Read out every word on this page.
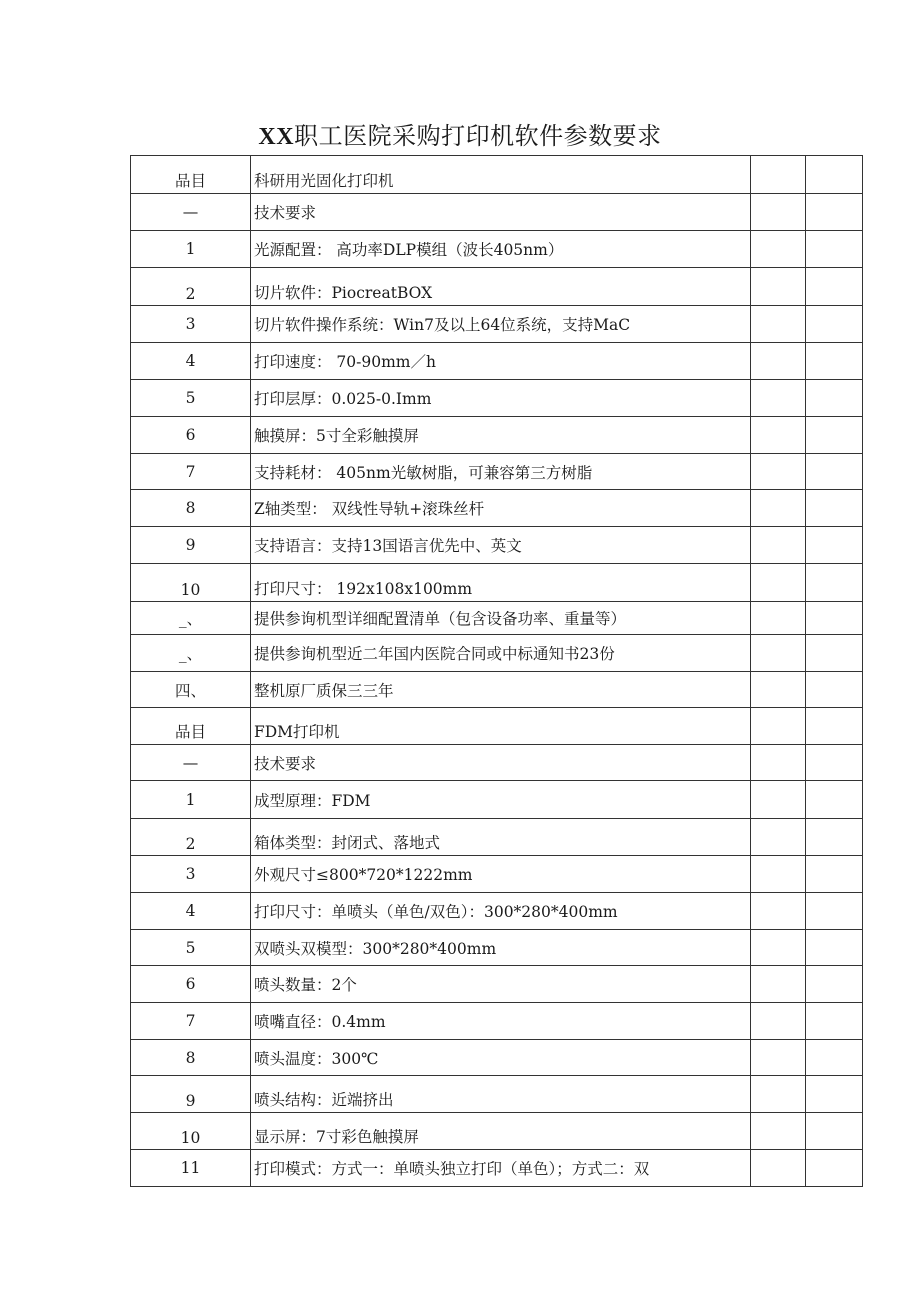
XX职工医院采购打印机软件参数要求
品目	科研用光固化打印机		
—	技术要求		
1	光源配置： 高功率DLP模组（波长405nm）		
2	切片软件：PiocreatBOX		
3	切片软件操作系统：Win7及以上64位系统，支持MaC		
4	打印速度： 70-90mm／h		
5	打印层厚：0.025-0.Imm		
6	触摸屏：5寸全彩触摸屏		
7	支持耗材： 405nm光敏树脂，可兼容第三方树脂		
8	Z轴类型： 双线性导轨+滚珠丝杆		
9	支持语言：支持13国语言优先中、英文		
10	打印尺寸： 192x108x100mm		
_、	提供参询机型详细配置清单（包含设备功率、重量等）		
_、	提供参询机型近二年国内医院合同或中标通知书23份		
四、	整机原厂质保三三年		
品目	FDM打印机		
—	技术要求		
1	成型原理：FDM		
2	箱体类型：封闭式、落地式		
3	外观尺寸≤800*720*1222mm		
4	打印尺寸：单喷头（单色/双色）：300*280*400mm		
5	双喷头双模型：300*280*400mm		
6	喷头数量：2个		
7	喷嘴直径：0.4mm		
8	喷头温度：300℃		
9	喷头结构：近端挤出		
10	显示屏：7寸彩色触摸屏		
11	打印模式：方式一：单喷头独立打印（单色）；方式二：双		
